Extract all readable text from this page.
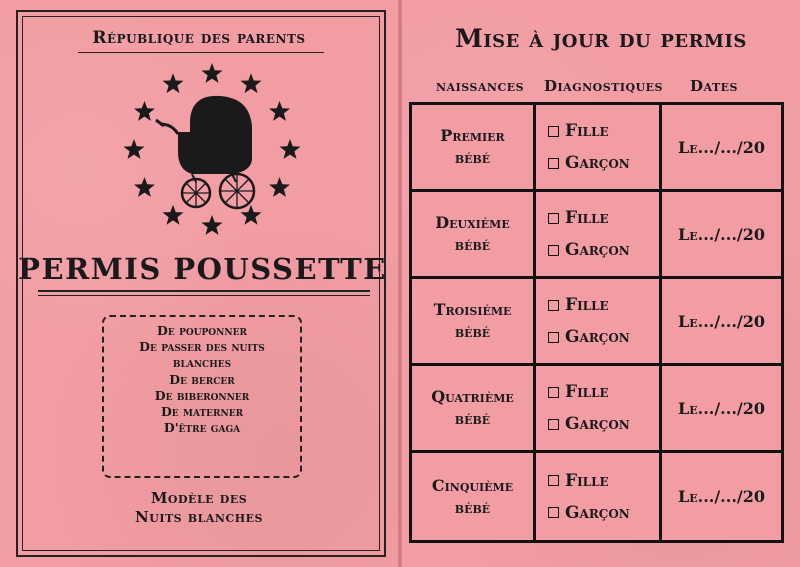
République des parents
PERMIS POUSSETTE
De pouponner
De passer des nuits
blanches
De bercer
De biberonner
De materner
D'être gaga
Modèle des
Nuits blanches
Mise à jour du permis
naissances Diagnostiques Dates
Premier
bébé
Fille
Garçon
Le.../.../20
Deuxiéme
bébé
Fille
Garçon
Le.../.../20
Troisiéme
bébé
Fille
Garçon
Le.../.../20
Quatrième
bébé
Fille
Garçon
Le.../.../20
Cinquième
bébé
Fille
Garçon
Le.../.../20
